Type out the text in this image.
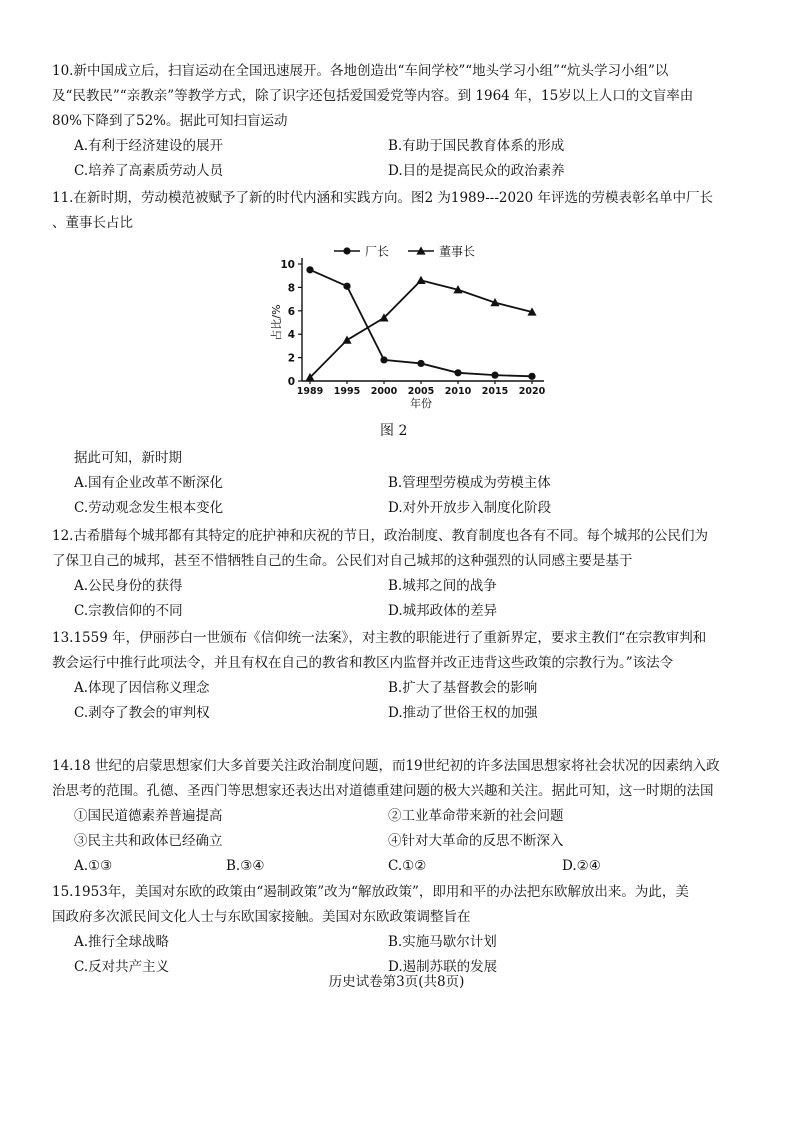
10.新中国成立后，扫盲运动在全国迅速展开。各地创造出“车间学校”“地头学习小组”“炕头学习小组”以
及“民教民”“亲教亲”等教学方式，除了识字还包括爱国爱党等内容。到 1964 年，15岁以上人口的文盲率由
80%下降到了52%。据此可知扫盲运动
A.有利于经济建设的展开	B.有助于国民教育体系的形成
C.培养了高素质劳动人员	D.目的是提高民众的政治素养
11.在新时期，劳动模范被赋予了新的时代内涵和实践方向。图2 为1989---2020 年评选的劳模表彰名单中厂长
、董事长占比
0
2
4
6
8
10
1989 1995 2000 2005 2010 2015 2020
年份
占比/%
厂长	董事长
图 2
据此可知，新时期
A.国有企业改革不断深化	B.管理型劳模成为劳模主体
C.劳动观念发生根本变化	D.对外开放步入制度化阶段
12.古希腊每个城邦都有其特定的庇护神和庆祝的节日，政治制度、教育制度也各有不同。每个城邦的公民们为
了保卫自己的城邦，甚至不惜牺牲自己的生命。公民们对自己城邦的这种强烈的认同感主要是基于
A.公民身份的获得	B.城邦之间的战争
C.宗教信仰的不同	D.城邦政体的差异
13.1559 年，伊丽莎白一世颁布《信仰统一法案》，对主教的职能进行了重新界定，要求主教们“在宗教审判和
教会运行中推行此项法令，并且有权在自己的教省和教区内监督并改正违背这些政策的宗教行为。”该法令
A.体现了因信称义理念	B.扩大了基督教会的影响
C.剥夺了教会的审判权	D.推动了世俗王权的加强
14.18 世纪的启蒙思想家们大多首要关注政治制度问题，而19世纪初的许多法国思想家将社会状况的因素纳入政
治思考的范围。孔德、圣西门等思想家还表达出对道德重建问题的极大兴趣和关注。据此可知，这一时期的法国
①国民道德素养普遍提高	②工业革命带来新的社会问题
③民主共和政体已经确立	④针对大革命的反思不断深入
A.①③	B.③④	C.①②	D.②④
15.1953年，美国对东欧的政策由“遏制政策”改为“解放政策”，即用和平的办法把东欧解放出来。为此，美
国政府多次派民间文化人士与东欧国家接触。美国对东欧政策调整旨在
A.推行全球战略	B.实施马歇尔计划
C.反对共产主义	D.遏制苏联的发展
历史试卷第3页(共8页)
